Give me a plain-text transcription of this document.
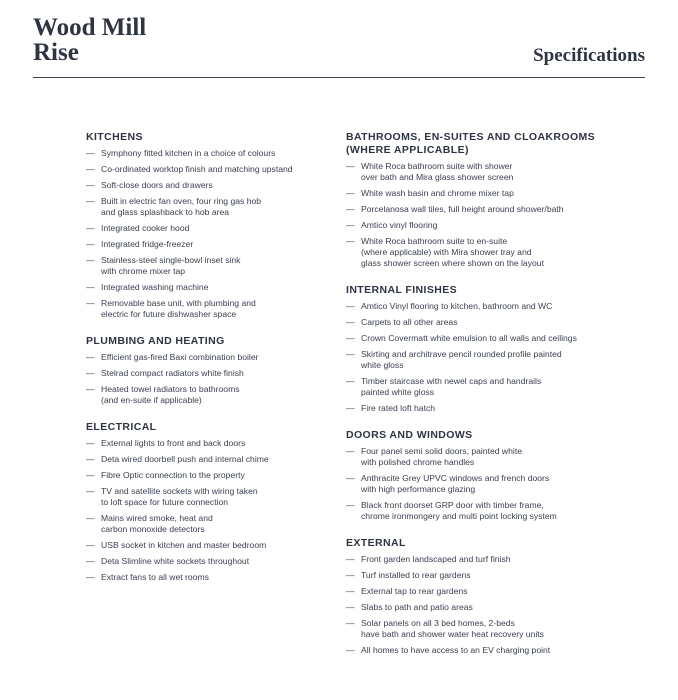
Wood Mill
Rise	Specifications
KITCHENS
— Symphony fitted kitchen in a choice of colours
— Co-ordinated worktop finish and matching upstand
— Soft-close doors and drawers
— Built in electric fan oven, four ring gas hob
and glass splashback to hob area
— Integrated cooker hood
— Integrated fridge-freezer
— Stainless-steel single-bowl inset sink
with chrome mixer tap
— Integrated washing machine
— Removable base unit, with plumbing and
electric for future dishwasher space
PLUMBING AND HEATING
— Efficient gas-fired Baxi combination boiler
— Stelrad compact radiators white finish
— Heated towel radiators to bathrooms
(and en-suite if applicable)
ELECTRICAL
— External lights to front and back doors
— Deta wired doorbell push and internal chime
— Fibre Optic connection to the property
— TV and satellite sockets with wiring taken
to loft space for future connection
— Mains wired smoke, heat and
carbon monoxide detectors
— USB socket in kitchen and master bedroom
— Deta Slimline white sockets throughout
— Extract fans to all wet rooms
BATHROOMS, EN-SUITES AND CLOAKROOMS
(WHERE APPLICABLE)
— White Roca bathroom suite with shower
over bath and Mira glass shower screen
— White wash basin and chrome mixer tap
— Porcelanosa wall tiles, full height around shower/bath
— Amtico vinyl flooring
— White Roca bathroom suite to en-suite
(where applicable) with Mira shower tray and
glass shower screen where shown on the layout
INTERNAL FINISHES
— Amtico Vinyl flooring to kitchen, bathroom and WC
— Carpets to all other areas
— Crown Covermatt white emulsion to all walls and ceilings
— Skirting and architrave pencil rounded profile painted
white gloss
— Timber staircase with newel caps and handrails
painted white gloss
— Fire rated loft hatch
DOORS AND WINDOWS
— Four panel semi solid doors, painted white
with polished chrome handles
— Anthracite Grey UPVC windows and french doors
with high performance glazing
— Black front doorset GRP door with timber frame,
chrome ironmongery and multi point locking system
EXTERNAL
— Front garden landscaped and turf finish
— Turf installed to rear gardens
— External tap to rear gardens
— Slabs to path and patio areas
— Solar panels on all 3 bed homes, 2-beds
have bath and shower water heat recovery units
— All homes to have access to an EV charging point
